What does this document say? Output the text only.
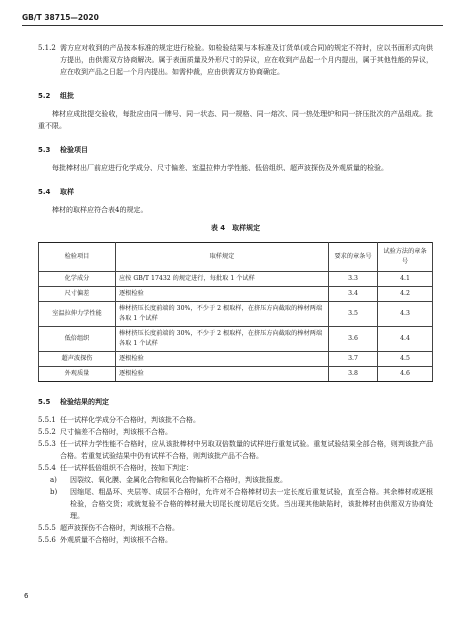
GB/T 38715—2020

5.1.2 需方应对收到的产品按本标准的规定进行检验。如检验结果与本标准及订货单(或合同)的规定不符时，应以书面形式向供方提出，由供需双方协商解决。属于表面质量及外形尺寸的异议，应在收到产品起一个月内提出，属于其他性能的异议，应在收到产品之日起一个月内提出。如需仲裁，应由供需双方协商确定。

5.2 组批

棒材应成批提交验收，每批应由同一牌号、同一状态、同一规格、同一熔次、同一热处理炉和同一挤压批次的产品组成。批重不限。

5.3 检验项目

每批棒材出厂前应进行化学成分、尺寸偏差、室温拉伸力学性能、低倍组织、超声波探伤及外观质量的检验。

5.4 取样

棒材的取样应符合表4的规定。

表 4　取样规定

检验项目	取样规定	要求的章条号	试验方法的章条号
化学成分	应按 GB/T 17432 的规定进行，每批取 1 个试样	3.3	4.1
尺寸偏差	逐根检验	3.4	4.2
室温拉伸力学性能	棒材挤压长度前端的 30%，不少于 2 根取样，在挤压方向截取的棒材两端各取 1 个试样	3.5	4.3
低倍组织	棒材挤压长度前端的 30%，不少于 2 根取样，在挤压方向截取的棒材两端各取 1 个试样	3.6	4.4
超声波探伤	逐根检验	3.7	4.5
外观质量	逐根检验	3.8	4.6

5.5 检验结果的判定

5.5.1 任一试样化学成分不合格时，判该批不合格。

5.5.2 尺寸偏差不合格时，判该根不合格。

5.5.3 任一试样力学性能不合格时，应从该批棒材中另取双倍数量的试样进行重复试验。重复试验结果全部合格，则判该批产品合格。若重复试验结果中仍有试样不合格，则判该批产品不合格。

5.5.4 任一试样低倍组织不合格时，按如下判定：

a) 因裂纹、氧化膜、金属化合物和氧化合物偏析不合格时，判该批报废。

b) 因缩尾、粗晶环、夹层等、成层不合格时，允许对不合格棒材切去一定长度后重复试验，直至合格。其余棒材或逐根检验，合格交货；或就复验不合格的棒材最大切尾长度切尾后交货。当出现其他缺陷时，该批棒材由供需双方协商处理。

5.5.5 超声波探伤不合格时，判该根不合格。

5.5.6 外观质量不合格时，判该根不合格。

6
